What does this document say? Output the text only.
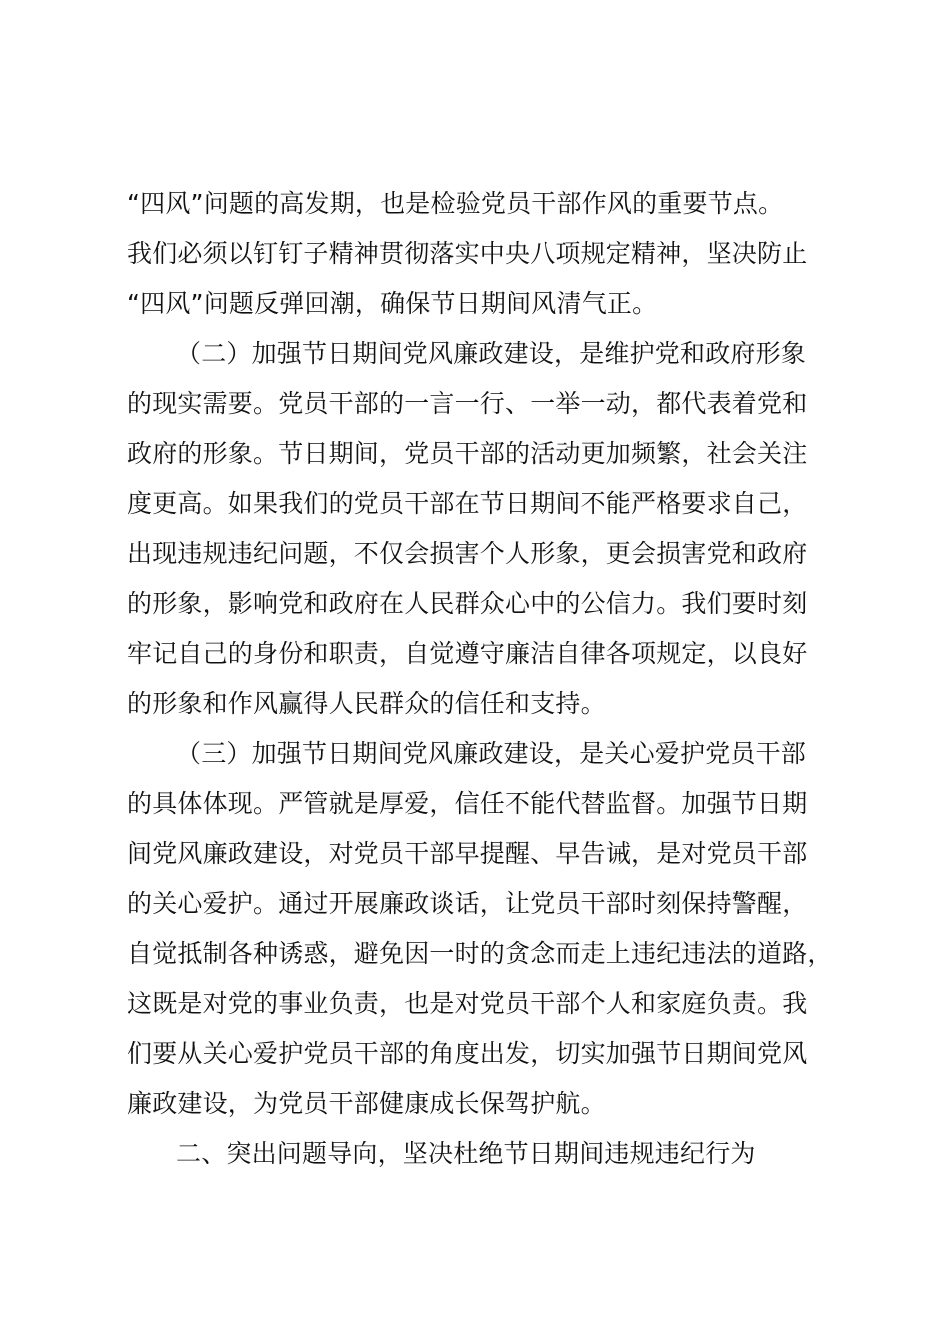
“四风”问题的高发期，也是检验党员干部作风的重要节点。
我们必须以钉钉子精神贯彻落实中央八项规定精神，坚决防止
“四风”问题反弹回潮，确保节日期间风清气正。
（二）加强节日期间党风廉政建设，是维护党和政府形象
的现实需要。党员干部的一言一行、一举一动，都代表着党和
政府的形象。节日期间，党员干部的活动更加频繁，社会关注
度更高。如果我们的党员干部在节日期间不能严格要求自己，
出现违规违纪问题，不仅会损害个人形象，更会损害党和政府
的形象，影响党和政府在人民群众心中的公信力。我们要时刻
牢记自己的身份和职责，自觉遵守廉洁自律各项规定，以良好
的形象和作风赢得人民群众的信任和支持。
（三）加强节日期间党风廉政建设，是关心爱护党员干部
的具体体现。严管就是厚爱，信任不能代替监督。加强节日期
间党风廉政建设，对党员干部早提醒、早告诫，是对党员干部
的关心爱护。通过开展廉政谈话，让党员干部时刻保持警醒，
自觉抵制各种诱惑，避免因一时的贪念而走上违纪违法的道路，
这既是对党的事业负责，也是对党员干部个人和家庭负责。我
们要从关心爱护党员干部的角度出发，切实加强节日期间党风
廉政建设，为党员干部健康成长保驾护航。
二、突出问题导向，坚决杜绝节日期间违规违纪行为
